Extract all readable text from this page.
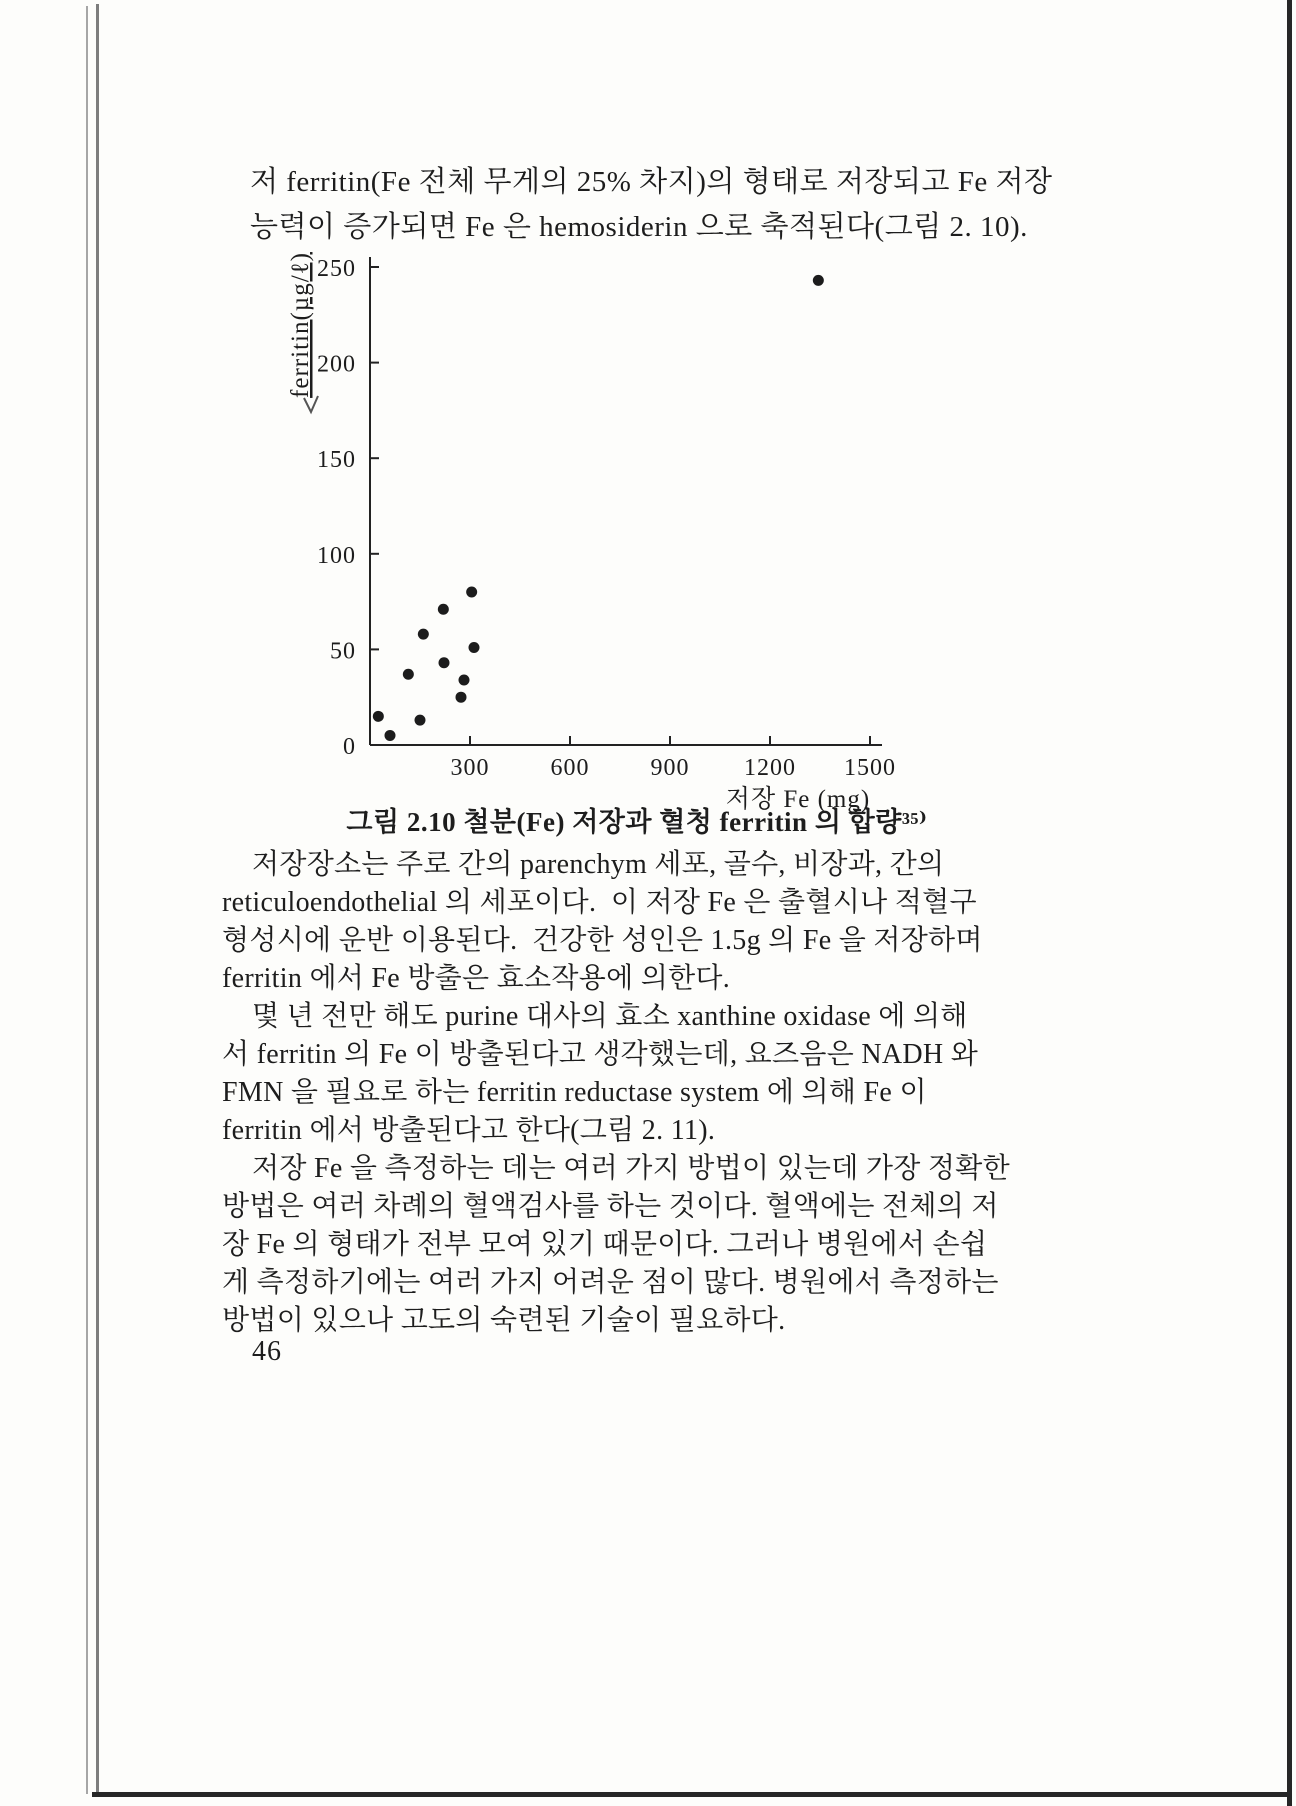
저 ferritin(Fe 전체 무게의 25% 차지)의 형태로 저장되고 Fe 저장
능력이 증가되면 Fe 은 hemosiderin 으로 축적된다(그림 2. 10).
0
50
100
150
200
250
300	600	900 1200 1500
저장 Fe (mg)
ferritin(µg/ℓ)
그림 2.10 철분(Fe) 저장과 혈청 ferritin 의 합량³⁵⁾
저장장소는 주로 간의 parenchym 세포, 골수, 비장과, 간의
reticuloendothelial 의 세포이다.  이 저장 Fe 은 출혈시나 적혈구
형성시에 운반 이용된다.  건강한 성인은 1.5g 의 Fe 을 저장하며
ferritin 에서 Fe 방출은 효소작용에 의한다.
몇 년 전만 해도 purine 대사의 효소 xanthine oxidase 에 의해
서 ferritin 의 Fe 이 방출된다고 생각했는데, 요즈음은 NADH 와
FMN 을 필요로 하는 ferritin reductase system 에 의해 Fe 이
ferritin 에서 방출된다고 한다(그림 2. 11).
저장 Fe 을 측정하는 데는 여러 가지 방법이 있는데 가장 정확한
방법은 여러 차례의 혈액검사를 하는 것이다. 혈액에는 전체의 저
장 Fe 의 형태가 전부 모여 있기 때문이다. 그러나 병원에서 손쉽
게 측정하기에는 여러 가지 어려운 점이 많다. 병원에서 측정하는
방법이 있으나 고도의 숙련된 기술이 필요하다.
46
